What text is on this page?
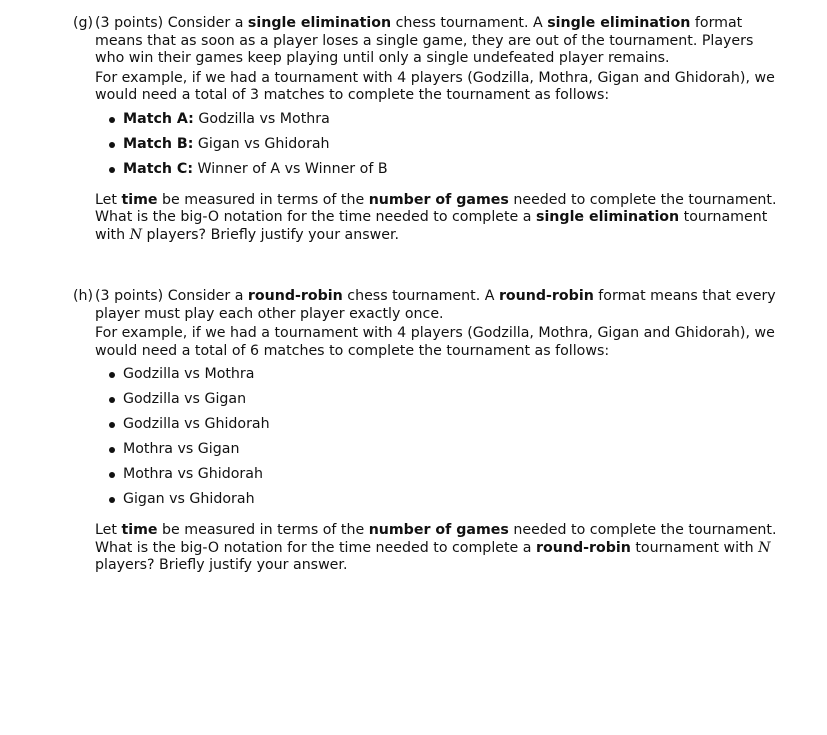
(g) (3 points) Consider a single elimination chess tournament. A single elimination format means that as soon as a player loses a single game, they are out of the tournament. Players who win their games keep playing until only a single undefeated player remains.

For example, if we had a tournament with 4 players (Godzilla, Mothra, Gigan and Ghidorah), we would need a total of 3 matches to complete the tournament as follows:

Match A: Godzilla vs Mothra
Match B: Gigan vs Ghidorah
Match C: Winner of A vs Winner of B

Let time be measured in terms of the number of games needed to complete the tournament. What is the big-O notation for the time needed to complete a single elimination tournament with N players? Briefly justify your answer.

(h) (3 points) Consider a round-robin chess tournament. A round-robin format means that every player must play each other player exactly once.

For example, if we had a tournament with 4 players (Godzilla, Mothra, Gigan and Ghidorah), we would need a total of 6 matches to complete the tournament as follows:

Godzilla vs Mothra
Godzilla vs Gigan
Godzilla vs Ghidorah
Mothra vs Gigan
Mothra vs Ghidorah
Gigan vs Ghidorah

Let time be measured in terms of the number of games needed to complete the tournament. What is the big-O notation for the time needed to complete a round-robin tournament with N players? Briefly justify your answer.
